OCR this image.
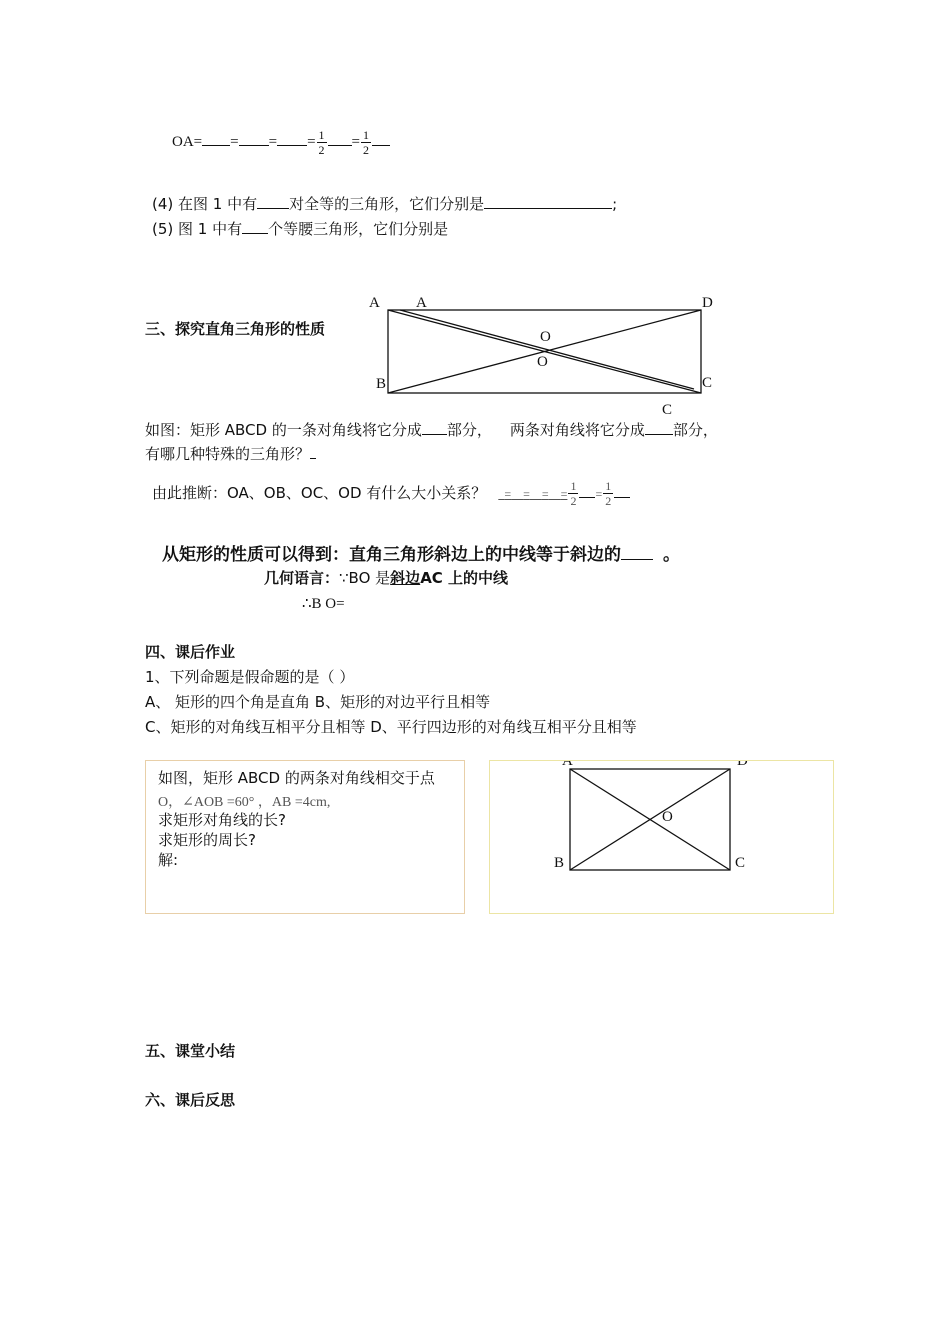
OA= = = = $\frac{1}{2} = \frac{1}{2}$
(4) 在图 1 中有 对全等的三角形，它们分别是	;
(5) 图 1 中有 个等腰三角形，它们分别是
三、探究直角三角形的性质
A A	D
O
O
B	C
C
如图：矩形 ABCD 的一条对角线将它分成 部分， 两条对角线将它分成 部分，
有哪几种特殊的三角形？
由此推断：OA、OB、OC、OD 有什么大小关系？ = = = = $\frac{1}{2} = \frac{1}{2}$
从矩形的性质可以得到：直角三角形斜边上的中线等于斜边的 。
几何语言：∵BO 是斜边AC 上的中线
∴B O=
四、课后作业
1、下列命题是假命题的是（ ）
A、 矩形的四个角是直角 B、矩形的对边平行且相等
C、矩形的对角线互相平分且相等 D、平行四边形的对角线互相平分且相等
如图，矩形 ABCD 的两条对角线相交于点
O，∠AOB =60° ，AB =4cm,
求矩形对角线的长?
求矩形的周长?
解:
A	D
O
B	C
五、课堂小结
六、课后反思
